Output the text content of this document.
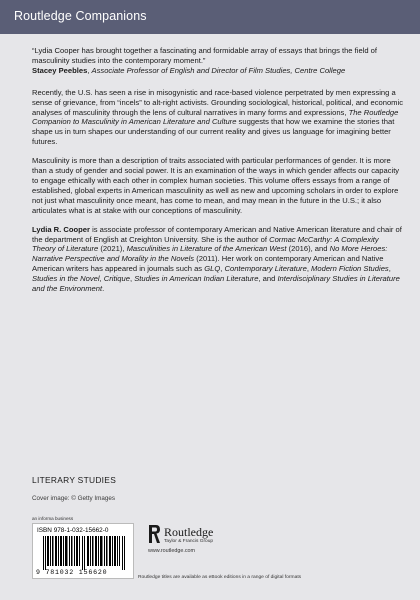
Routledge Companions

“Lydia Cooper has brought together a fascinating and formidable array of essays that brings the field of masculinity studies into the contemporary moment.”

Stacey Peebles, Associate Professor of English and Director of Film Studies, Centre College

Recently, the U.S. has seen a rise in misogynistic and race-based violence perpetrated by men expressing a sense of grievance, from “incels” to alt-right activists. Grounding sociological, historical, political, and economic analyses of masculinity through the lens of cultural narratives in many forms and expressions, The Routledge Companion to Masculinity in American Literature and Culture suggests that how we examine the stories that shape us in turn shapes our understanding of our current reality and gives us language for imagining better futures.

Masculinity is more than a description of traits associated with particular performances of gender. It is more than a study of gender and social power. It is an examination of the ways in which gender affects our capacity to engage ethically with each other in complex human societies. This volume offers essays from a range of established, global experts in American masculinity as well as new and upcoming scholars in order to explore not just what masculinity once meant, has come to mean, and may mean in the future in the U.S.; it also articulates what is at stake with our conceptions of masculinity.

Lydia R. Cooper is associate professor of contemporary American and Native American literature and chair of the department of English at Creighton University. She is the author of Cormac McCarthy: A Complexity Theory of Literature (2021), Masculinities in Literature of the American West (2016), and No More Heroes: Narrative Perspective and Morality in the Novels (2011). Her work on contemporary American and Native American writers has appeared in journals such as GLQ, Contemporary Literature, Modern Fiction Studies, Studies in the Novel, Critique, Studies in American Indian Literature, and Interdisciplinary Studies in Literature and the Environment.

LITERARY STUDIES
Cover image: © Getty Images
an informa business
ISBN 978-1-032-15662-0
9 781032 156620
Routledge
Taylor & Francis Group
www.routledge.com
Routledge titles are available as eBook editions in a range of digital formats
